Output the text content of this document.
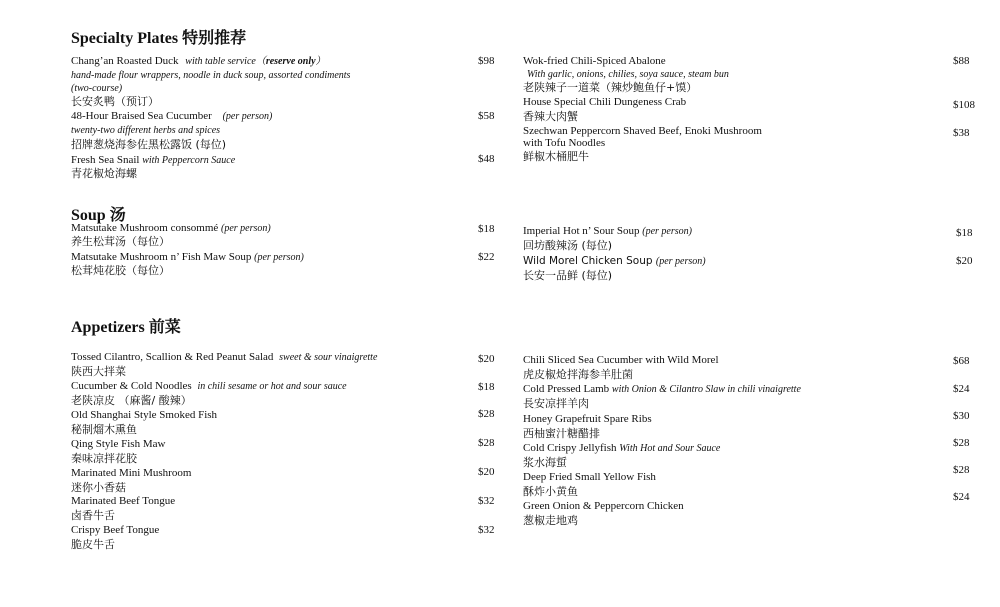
Specialty Plates 特别推荐
Chang’an Roasted Duck with table service（reserve only）
hand-made flour wrappers, noodle in duck soup, assorted condiments
(two-course)
长安炙鸭（预订）
$98
48-Hour Braised Sea Cucumber (per person)
twenty-two different herbs and spices
招牌葱烧海参佐黑松露饭 (每位)
$58
Fresh Sea Snail with Peppercorn Sauce
青花椒炝海螺
$48
Wok-fried Chili-Spiced Abalone
With garlic, onions, chilies, soya sauce, steam bun
老陕辣子一道菜（辣炒鲍鱼仔+馍）
$88
House Special Chili Dungeness Crab
香辣大肉蟹
$108
Szechwan Peppercorn Shaved Beef, Enoki Mushroom
with Tofu Noodles
鲜椒木桶肥牛
$38
Soup 汤
Matsutake Mushroom consommé (per person)
养生松茸汤（每位）
$18
Matsutake Mushroom n’ Fish Maw Soup (per person)
松茸炖花胶（每位）
$22
Imperial Hot n’ Sour Soup (per person)
回坊酸辣汤 (每位)
$18
Wild Morel Chicken Soup (per person)
长安一品鲜 (每位)
$20
Appetizers 前菜
Tossed Cilantro, Scallion & Red Peanut Salad sweet & sour vinaigrette
陕西大拌菜
$20
Cucumber & Cold Noodles in chili sesame or hot and sour sauce
老陕凉皮 （麻酱/ 酸辣）
$18
Old Shanghai Style Smoked Fish
秘制熘木熏鱼
$28
Qing Style Fish Maw
秦味凉拌花胶
$28
Marinated Mini Mushroom
迷你小香菇
$20
Marinated Beef Tongue
卤香牛舌
$32
Crispy Beef Tongue
脆皮牛舌
$32
Chili Sliced Sea Cucumber with Wild Morel
虎皮椒炝拌海参羊肚菌
$68
Cold Pressed Lamb with Onion & Cilantro Slaw in chili vinaigrette
長安凉拌羊肉
$24
Honey Grapefruit Spare Ribs
西柚蜜汁糖醋排
$30
Cold Crispy Jellyfish With Hot and Sour Sauce
浆水海蜇
$28
Deep Fried Small Yellow Fish
酥炸小黄鱼
$28
Green Onion & Peppercorn Chicken
葱椒走地鸡
$24
